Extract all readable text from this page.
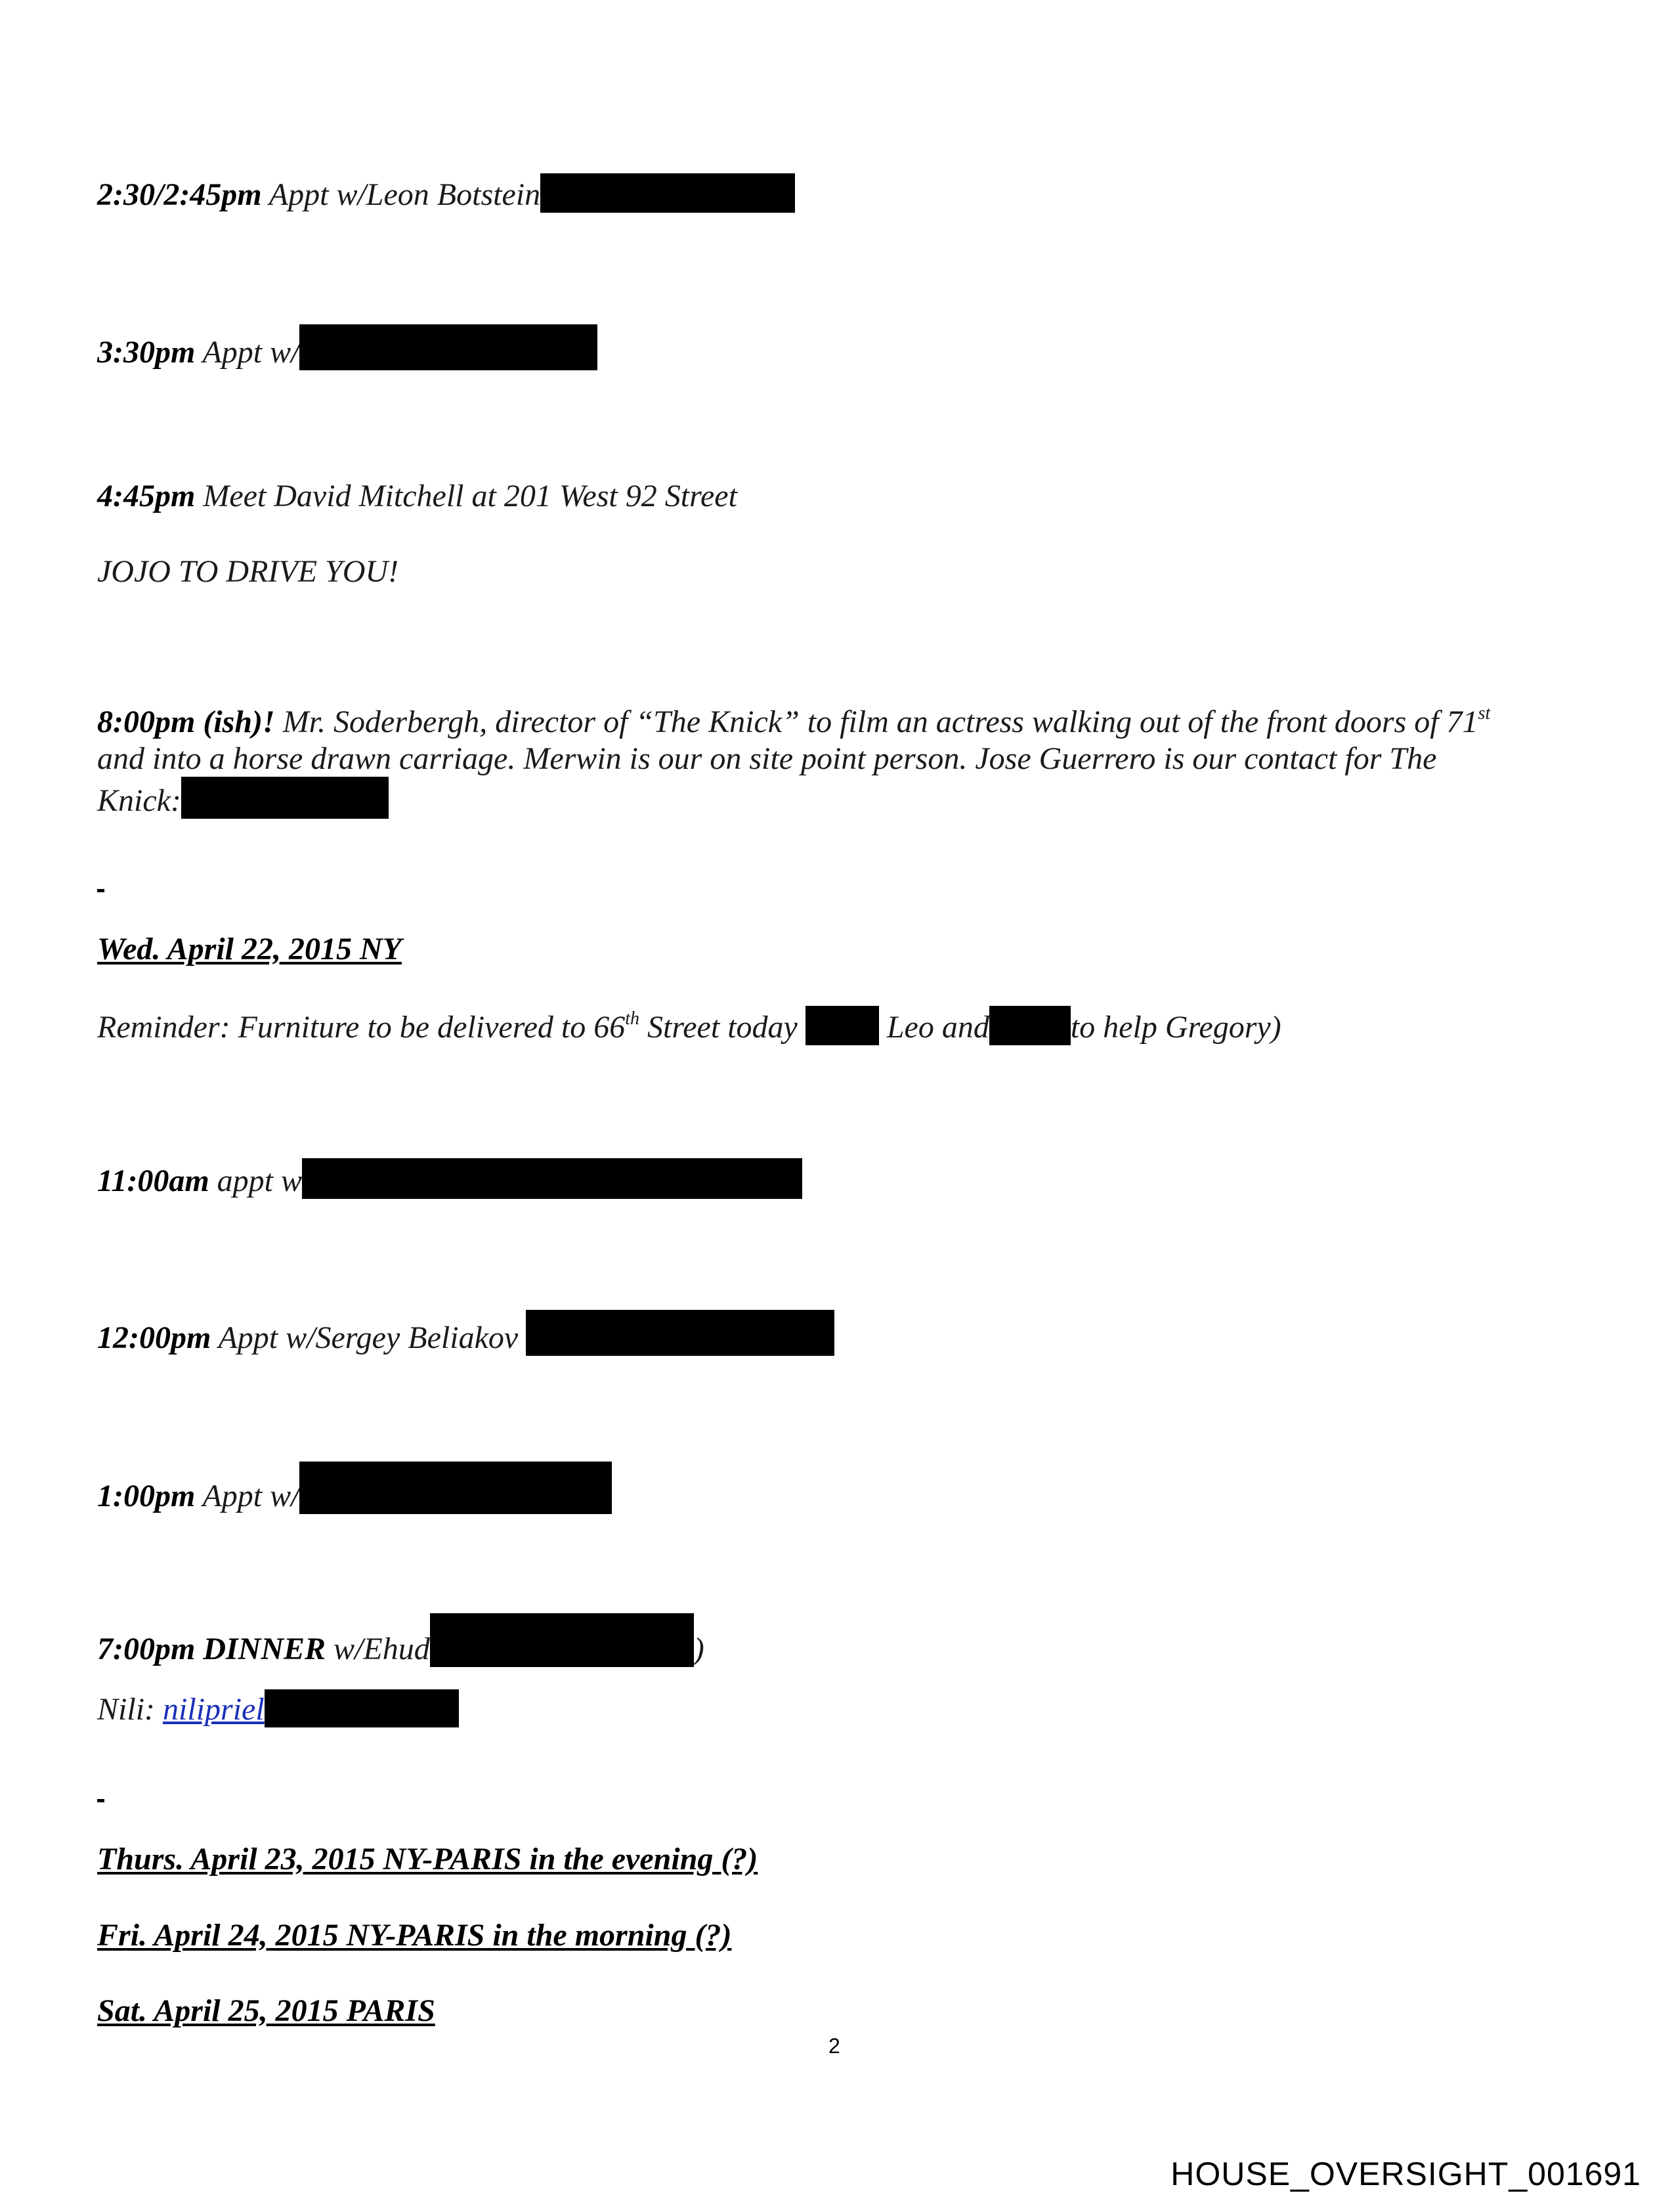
2:30/2:45pm Appt w/Leon Botstein
3:30pm Appt w/
4:45pm Meet David Mitchell at 201 West 92 Street
JOJO TO DRIVE YOU!
8:00pm (ish)! Mr. Soderbergh, director of “The Knick” to film an actress walking out of the front doors of 71st
and into a horse drawn carriage. Merwin is our on site point person. Jose Guerrero is our contact for The
Knick:
Wed. April 22, 2015 NY
Reminder: Furniture to be delivered to 66th Street today  Leo and	to help Gregory)
11:00am appt w
12:00pm Appt w/Sergey Beliakov
1:00pm Appt w/
7:00pm DINNER w/Ehud	)
Nili: nilipriel
Thurs. April 23, 2015 NY-PARIS in the evening (?)
Fri. April 24, 2015 NY-PARIS in the morning (?)
Sat. April 25, 2015 PARIS
2
HOUSE_OVERSIGHT_001691
